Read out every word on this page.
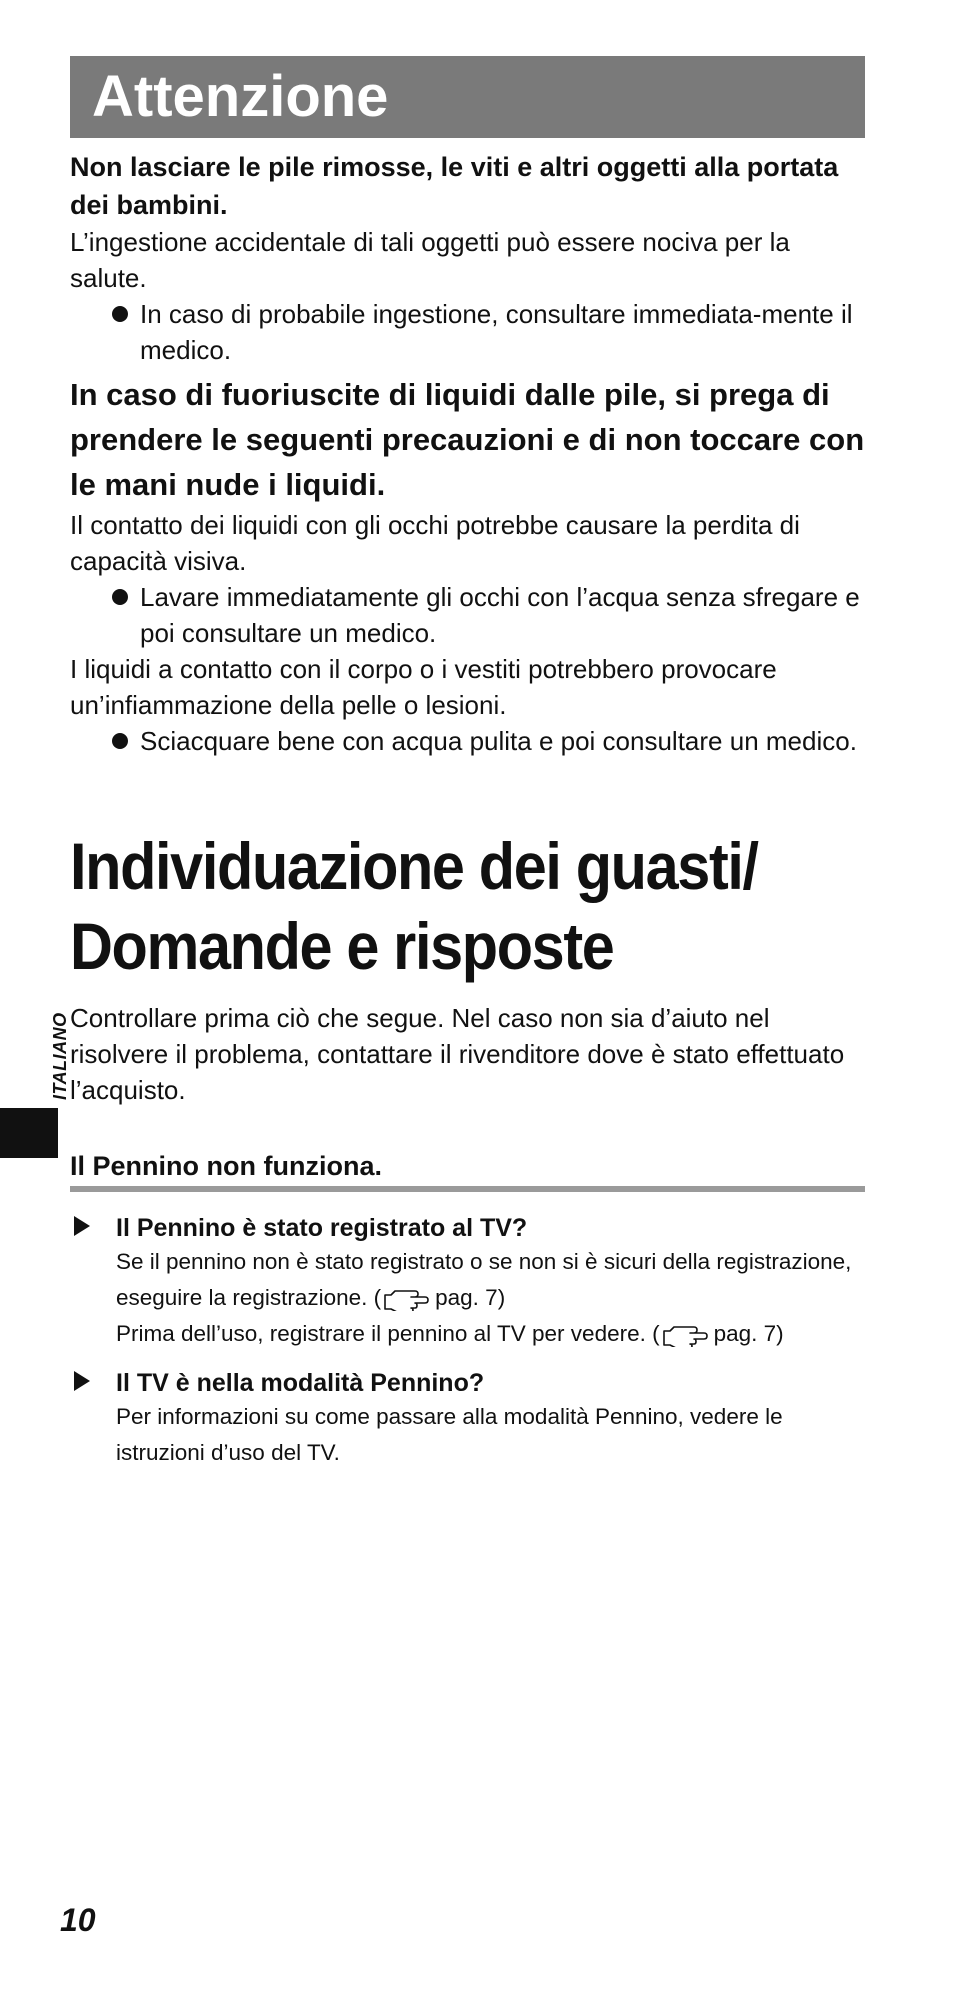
Attenzione

Non lasciare le pile rimosse, le viti e altri oggetti alla portata dei bambini.

L’ingestione accidentale di tali oggetti può essere nociva per la salute.

In caso di probabile ingestione, consultare immediata-mente il medico.

In caso di fuoriuscite di liquidi dalle pile, si prega di prendere le seguenti precauzioni e di non toccare con le mani nude i liquidi.

Il contatto dei liquidi con gli occhi potrebbe causare la perdita di capacità visiva.

Lavare immediatamente gli occhi con l’acqua senza sfregare e poi consultare un medico.

I liquidi a contatto con il corpo o i vestiti potrebbero provocare un’infiammazione della pelle o lesioni.

Sciacquare bene con acqua pulita e poi consultare un medico.

Individuazione dei guasti/
Domande e risposte

Controllare prima ciò che segue. Nel caso non sia d’aiuto nel risolvere il problema, contattare il rivenditore dove è stato effettuato l’acquisto.

ITALIANO
Il Pennino non funziona.

Il Pennino è stato registrato al TV?

Se il pennino non è stato registrato o se non si è sicuri della registrazione, eseguire la registrazione. ( pag. 7)
Prima dell’uso, registrare il pennino al TV per vedere. ( pag. 7)

Il TV è nella modalità Pennino?

Per informazioni su come passare alla modalità Pennino, vedere le istruzioni d’uso del TV.

10
